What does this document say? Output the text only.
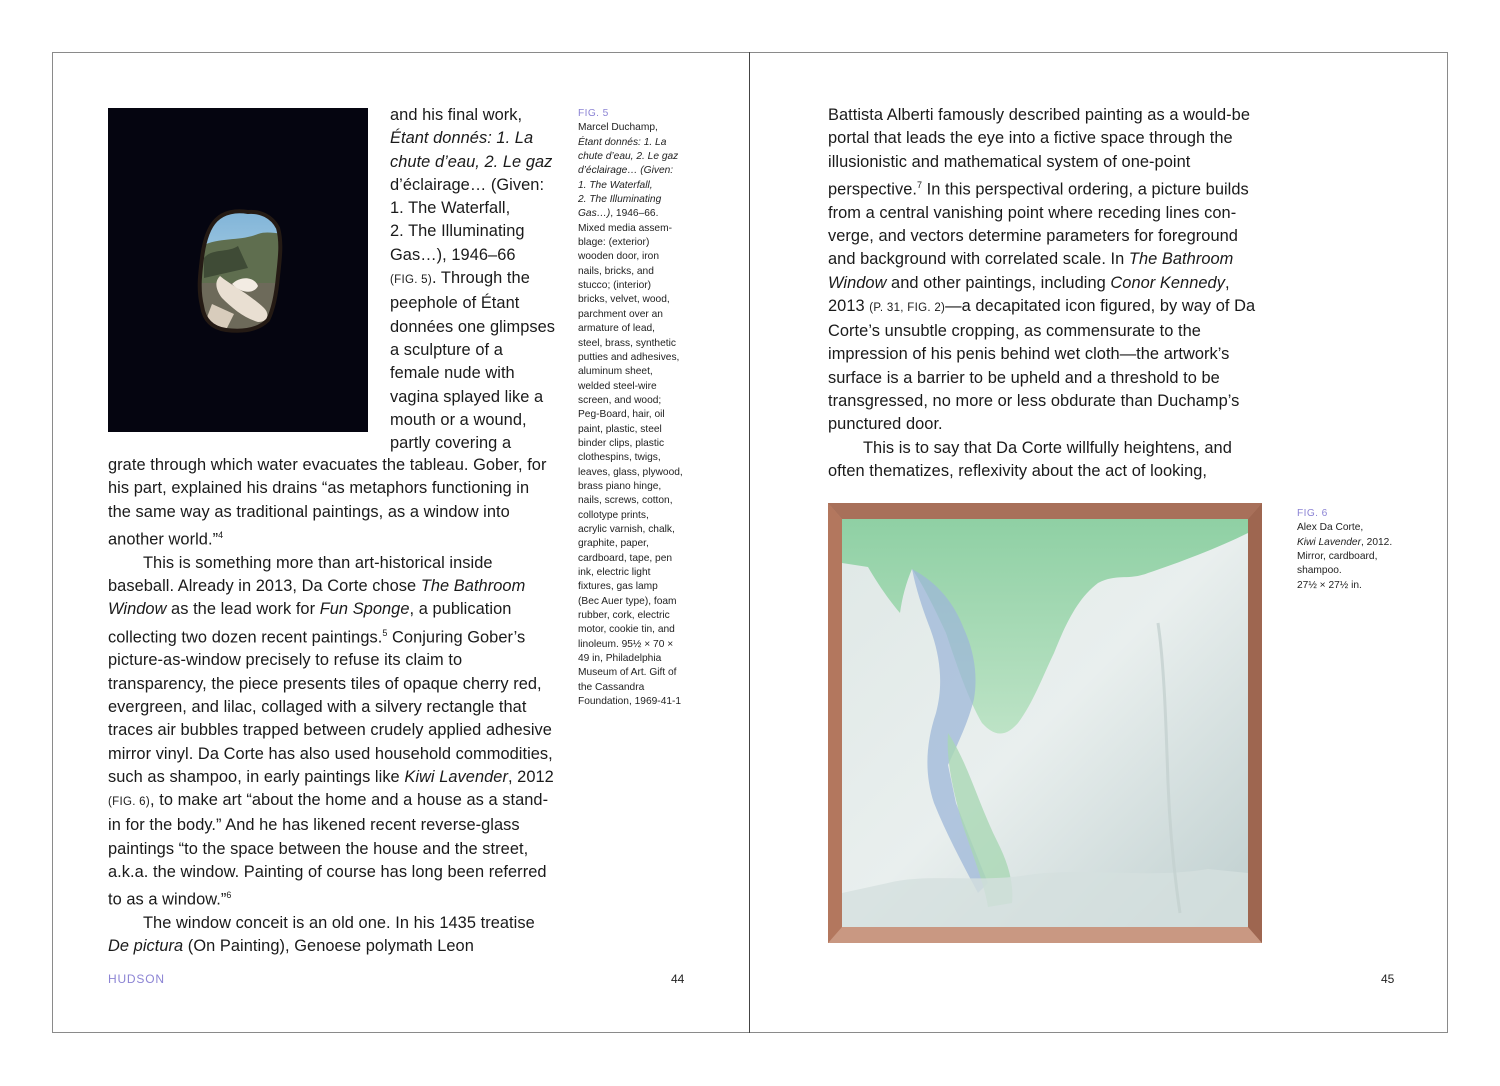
and his final work,
Étant donnés: 1. La
chute d’eau, 2. Le gaz
d’éclairage… (Given:
1. The Waterfall,
2. The Illuminating
Gas…), 1946–66
(FIG. 5). Through the
peephole of Étant
données one glimpses
a sculpture of a
female nude with
vagina splayed like a
mouth or a wound,
partly covering a

grate through which water evacuates the tableau. Gober, for his part, explained his drains “as metaphors functioning in the same way as traditional paintings, as a window into another world.”$^4$

This is something more than art-historical inside baseball. Already in 2013, Da Corte chose The Bathroom Window as the lead work for Fun Sponge, a publication collecting two dozen recent paintings.$^5$ Conjuring Gober’s picture-as-window precisely to refuse its claim to transparency, the piece presents tiles of opaque cherry red, evergreen, and lilac, collaged with a silvery rectangle that traces air bubbles trapped between crudely applied adhesive mirror vinyl. Da Corte has also used household commodities, such as shampoo, in early paintings like Kiwi Lavender, 2012 (FIG. 6), to make art “about the home and a house as a stand-in for the body.” And he has likened recent reverse-glass paintings “to the space between the house and the street, a.k.a. the window. Painting of course has long been referred to as a window.”$^6$

The window conceit is an old one. In his 1435 treatise De pictura (On Painting), Genoese polymath Leon

FIG. 5
Marcel Duchamp,
Étant donnés: 1. La
chute d’eau, 2. Le gaz
d’éclairage… (Given:
1. The Waterfall,
2. The Illuminating
Gas…), 1946–66.
Mixed media assem-
blage: (exterior)
wooden door, iron
nails, bricks, and
stucco; (interior)
bricks, velvet, wood,
parchment over an
armature of lead,
steel, brass, synthetic
putties and adhesives,
aluminum sheet,
welded steel-wire
screen, and wood;
Peg-Board, hair, oil
paint, plastic, steel
binder clips, plastic
clothespins, twigs,
leaves, glass, plywood,
brass piano hinge,
nails, screws, cotton,
collotype prints,
acrylic varnish, chalk,
graphite, paper,
cardboard, tape, pen
ink, electric light
fixtures, gas lamp
(Bec Auer type), foam
rubber, cork, electric
motor, cookie tin, and
linoleum. 95½ × 70 ×
49 in, Philadelphia
Museum of Art. Gift of
the Cassandra
Foundation, 1969-41-1
HUDSON	44

Battista Alberti famously described painting as a would-be portal that leads the eye into a fictive space through the illusionistic and mathematical system of one-point perspective.$^7$ In this perspectival ordering, a picture builds from a central vanishing point where receding lines con-verge, and vectors determine parameters for foreground and background with correlated scale. In The Bathroom Window and other paintings, including Conor Kennedy, 2013 (P. 31, FIG. 2)—a decapitated icon figured, by way of Da Corte’s unsubtle cropping, as commensurate to the impression of his penis behind wet cloth—the artwork’s surface is a barrier to be upheld and a threshold to be transgressed, no more or less obdurate than Duchamp’s punctured door.

This is to say that Da Corte willfully heightens, and often thematizes, reflexivity about the act of looking,

FIG. 6
Alex Da Corte,
Kiwi Lavender, 2012.
Mirror, cardboard,
shampoo.
27½ × 27½ in.
45
